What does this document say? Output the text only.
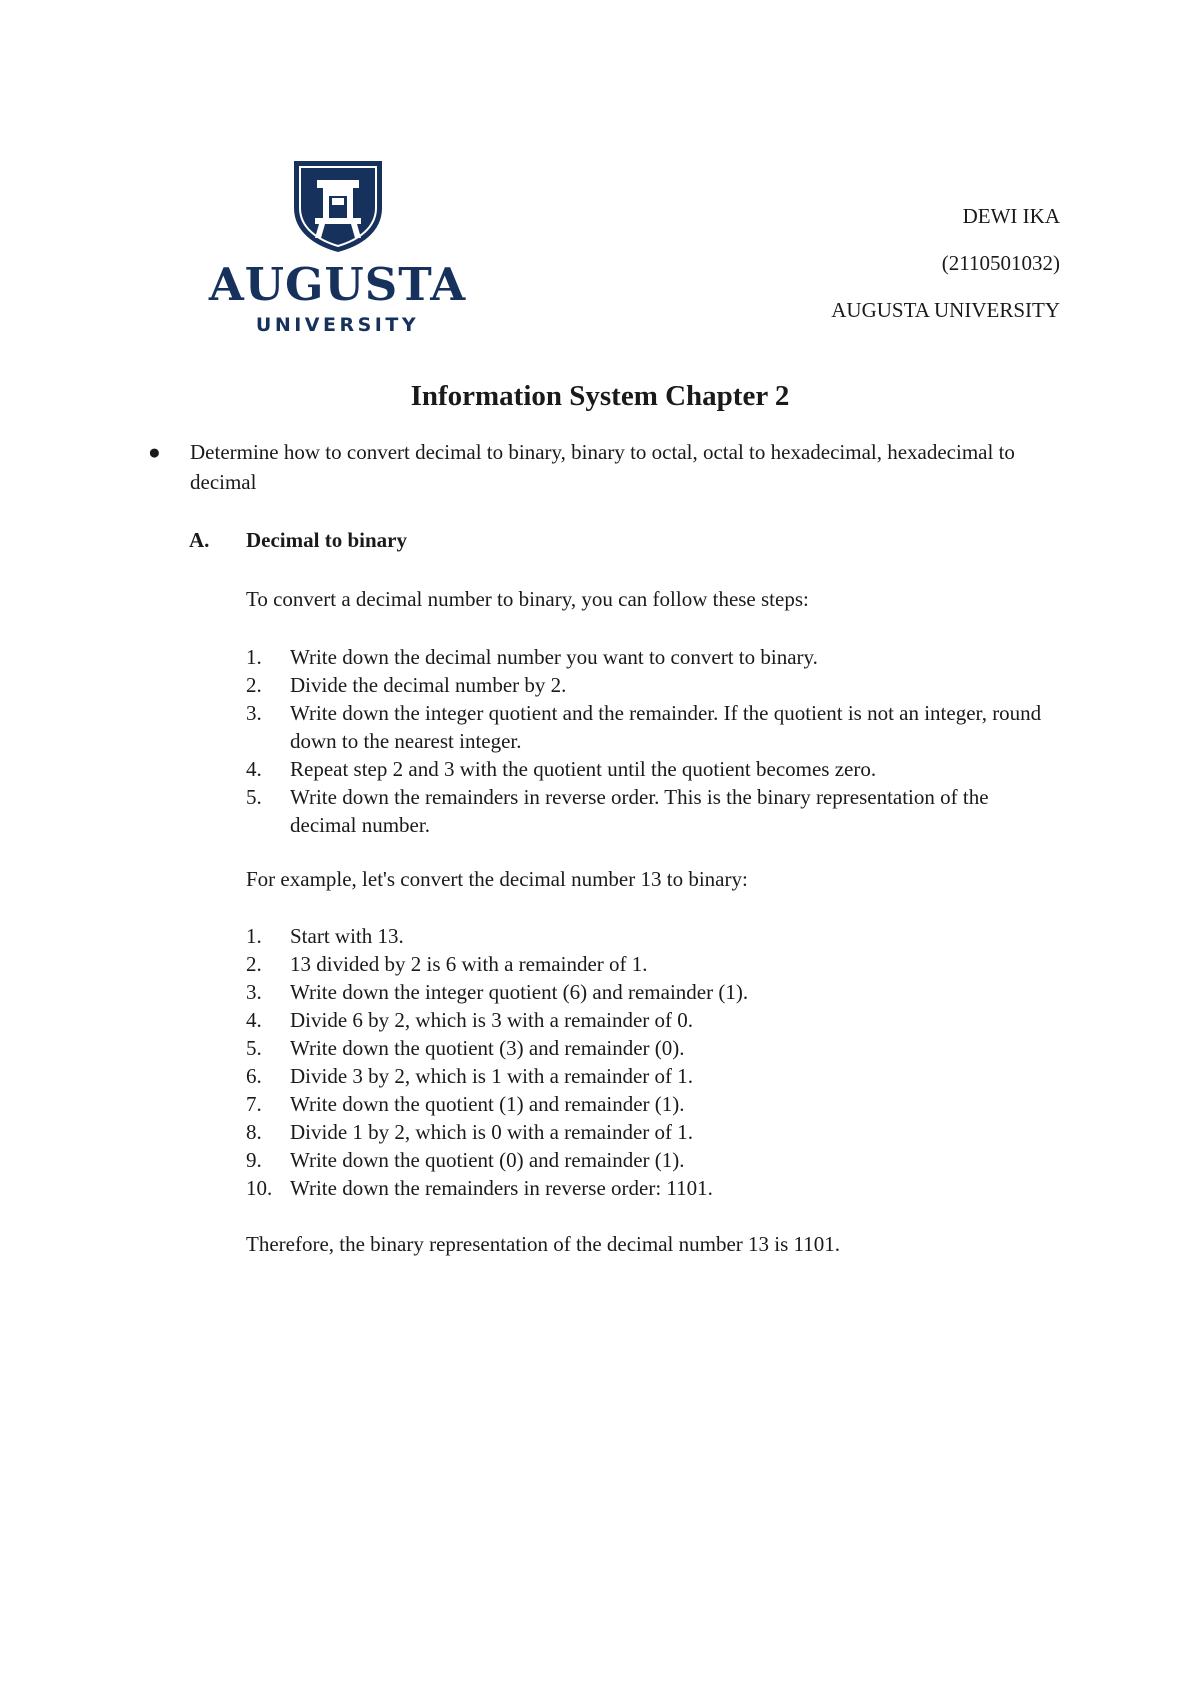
AUGUSTA
UNIVERSITY
DEWI IKA
(2110501032)
AUGUSTA UNIVERSITY
Information System Chapter 2
● Determine how to convert decimal to binary, binary to octal, octal to hexadecimal, hexadecimal to decimal
A. Decimal to binary
To convert a decimal number to binary, you can follow these steps:
1. Write down the decimal number you want to convert to binary.
2. Divide the decimal number by 2.
3. Write down the integer quotient and the remainder. If the quotient is not an integer, round down to the nearest integer.
4. Repeat step 2 and 3 with the quotient until the quotient becomes zero.
5. Write down the remainders in reverse order. This is the binary representation of the decimal number.
For example, let's convert the decimal number 13 to binary:
1. Start with 13.
2. 13 divided by 2 is 6 with a remainder of 1.
3. Write down the integer quotient (6) and remainder (1).
4. Divide 6 by 2, which is 3 with a remainder of 0.
5. Write down the quotient (3) and remainder (0).
6. Divide 3 by 2, which is 1 with a remainder of 1.
7. Write down the quotient (1) and remainder (1).
8. Divide 1 by 2, which is 0 with a remainder of 1.
9. Write down the quotient (0) and remainder (1).
10. Write down the remainders in reverse order: 1101.
Therefore, the binary representation of the decimal number 13 is 1101.
